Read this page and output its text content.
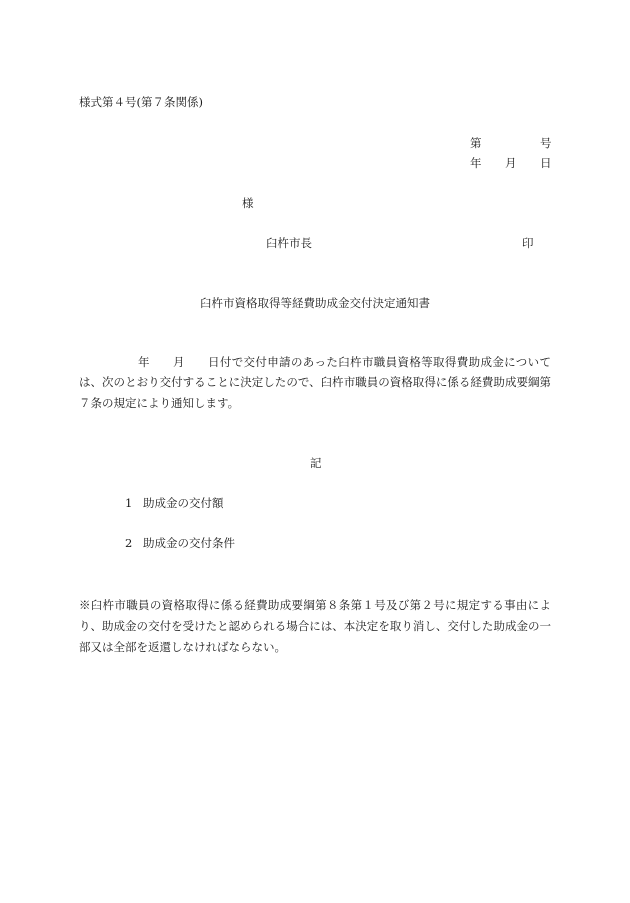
様式第４号(第７条関係)
第	号
年 月 日
様
臼杵市長	印
臼杵市資格取得等経費助成金交付決定通知書
年 月 日付で交付申請のあった臼杵市職員資格等取得費助成金について
は、次のとおり交付することに決定したので、臼杵市職員の資格取得に係る経費助成要綱第７条の規定により通知します。
記
1 助成金の交付額
2 助成金の交付条件
※臼杵市職員の資格取得に係る経費助成要綱第８条第１号及び第２号に規定する事由により、助成金の交付を受けたと認められる場合には、本決定を取り消し、交付した助成金の一部又は全部を返還しなければならない。
